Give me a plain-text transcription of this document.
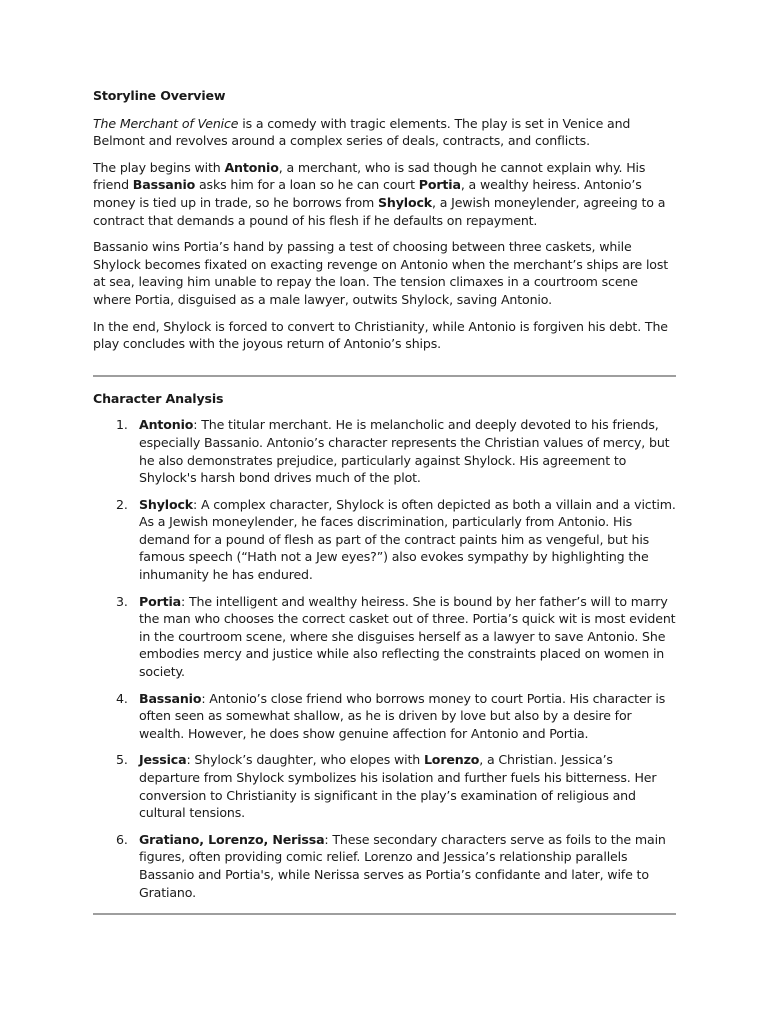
Storyline Overview

The Merchant of Venice is a comedy with tragic elements. The play is set in Venice and Belmont and revolves around a complex series of deals, contracts, and conflicts.

The play begins with Antonio, a merchant, who is sad though he cannot explain why. His friend Bassanio asks him for a loan so he can court Portia, a wealthy heiress. Antonio’s money is tied up in trade, so he borrows from Shylock, a Jewish moneylender, agreeing to a contract that demands a pound of his flesh if he defaults on repayment.

Bassanio wins Portia’s hand by passing a test of choosing between three caskets, while Shylock becomes fixated on exacting revenge on Antonio when the merchant’s ships are lost at sea, leaving him unable to repay the loan. The tension climaxes in a courtroom scene where Portia, disguised as a male lawyer, outwits Shylock, saving Antonio.

In the end, Shylock is forced to convert to Christianity, while Antonio is forgiven his debt. The play concludes with the joyous return of Antonio’s ships.

Character Analysis
1. Antonio: The titular merchant. He is melancholic and deeply devoted to his friends, especially Bassanio. Antonio’s character represents the Christian values of mercy, but he also demonstrates prejudice, particularly against Shylock. His agreement to Shylock's harsh bond drives much of the plot.
2. Shylock: A complex character, Shylock is often depicted as both a villain and a victim. As a Jewish moneylender, he faces discrimination, particularly from Antonio. His demand for a pound of flesh as part of the contract paints him as vengeful, but his famous speech (“Hath not a Jew eyes?”) also evokes sympathy by highlighting the inhumanity he has endured.
3. Portia: The intelligent and wealthy heiress. She is bound by her father’s will to marry the man who chooses the correct casket out of three. Portia’s quick wit is most evident in the courtroom scene, where she disguises herself as a lawyer to save Antonio. She embodies mercy and justice while also reflecting the constraints placed on women in society.
4. Bassanio: Antonio’s close friend who borrows money to court Portia. His character is often seen as somewhat shallow, as he is driven by love but also by a desire for wealth. However, he does show genuine affection for Antonio and Portia.
5. Jessica: Shylock’s daughter, who elopes with Lorenzo, a Christian. Jessica’s departure from Shylock symbolizes his isolation and further fuels his bitterness. Her conversion to Christianity is significant in the play’s examination of religious and cultural tensions.
6. Gratiano, Lorenzo, Nerissa: These secondary characters serve as foils to the main figures, often providing comic relief. Lorenzo and Jessica’s relationship parallels Bassanio and Portia's, while Nerissa serves as Portia’s confidante and later, wife to Gratiano.
